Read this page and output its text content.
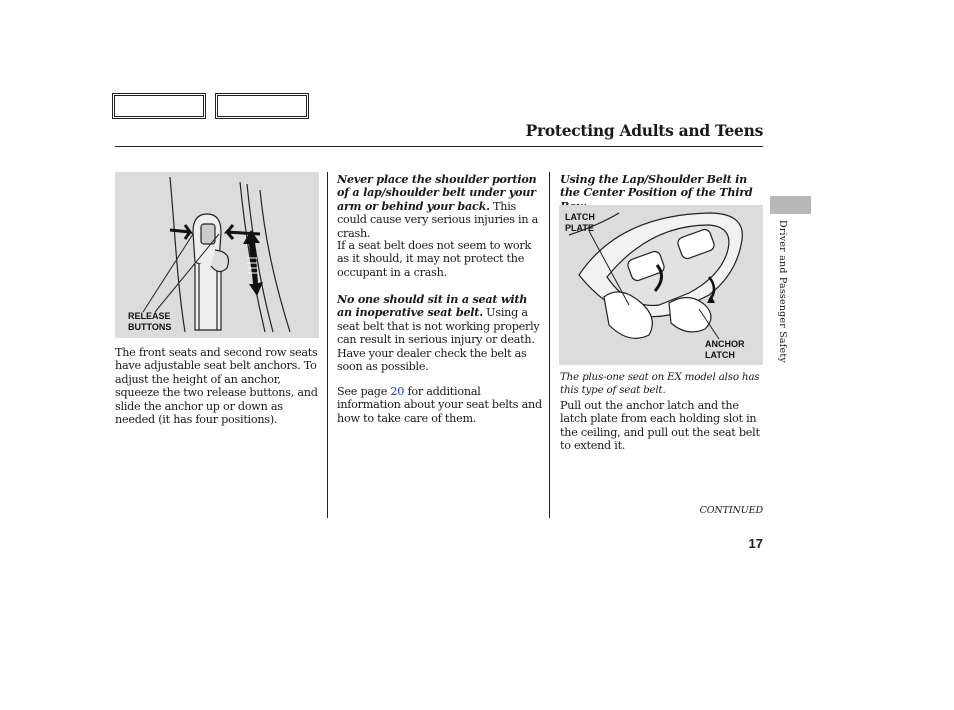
Protecting Adults and Teens
RELEASE
BUTTONS

The front seats and second row seats have adjustable seat belt anchors. To adjust the height of an anchor, squeeze the two release buttons, and slide the anchor up or down as needed (it has four positions).

Never place the shoulder portion of a lap/shoulder belt under your arm or behind your back. This could cause very serious injuries in a crash.

If a seat belt does not seem to work as it should, it may not protect the occupant in a crash.

No one should sit in a seat with an inoperative seat belt. Using a seat belt that is not working properly can result in serious injury or death. Have your dealer check the belt as soon as possible.

See page 20 for additional information about your seat belts and how to take care of them.

Using the Lap/Shoulder Belt in the Center Position of the Third

LATCH
PLATE
ANCHOR
LATCH

The plus-one seat on EX model also has this type of seat belt.

Pull out the anchor latch and the latch plate from each holding slot in the ceiling, and pull out the seat belt to extend it.

CONTINUED
17
Driver and Passenger Safety
